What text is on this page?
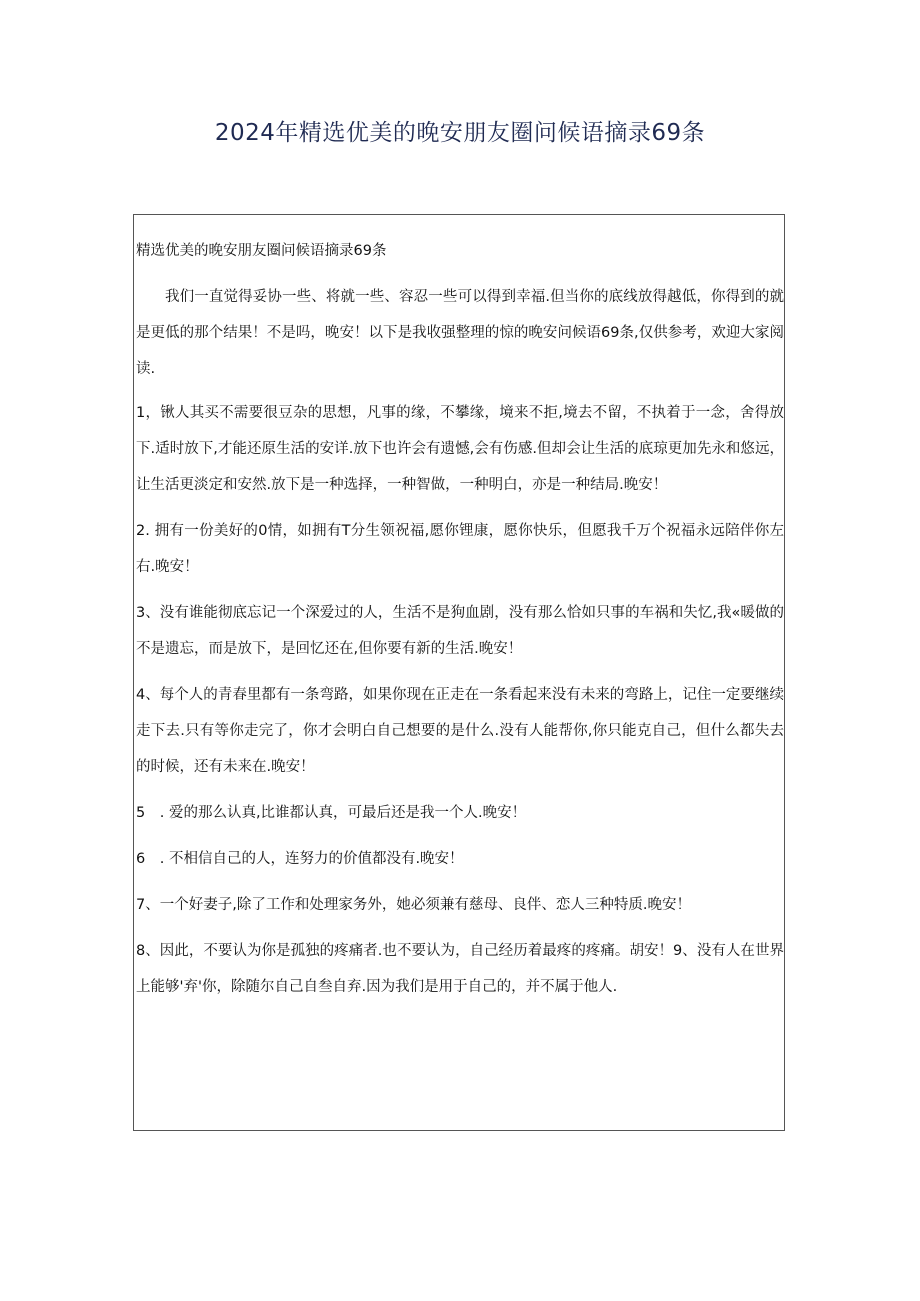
2024年精选优美的晚安朋友圈问候语摘录69条

精选优美的晚安朋友圈问候语摘录69条

我们一直觉得妥协一些、将就一些、容忍一些可以得到幸福.但当你的底线放得越低，你得到的就是更低的那个结果！不是吗，晚安！以下是我收强整理的惊的晚安问候语69条,仅供参考，欢迎大家阅读.

1，锹人其买不需要很豆杂的思想，凡事的缘，不攀缘，境来不拒,境去不留，不执着于一念，舍得放下.适时放下,才能还原生活的安详.放下也许会有遗憾,会有伤感.但却会让生活的底琼更加先永和悠远，让生活更淡定和安然.放下是一种选择，一种智做，一种明白，亦是一种结局.晚安！

2. 拥有一份美好的0情，如拥有T分生领祝福,愿你锂康，愿你快乐，但愿我千万个祝福永远陪伴你左右.晚安！

3、没有谁能彻底忘记一个深爱过的人，生活不是狗血剧，没有那么恰如只事的车祸和失忆,我«暖做的不是遗忘，而是放下，是回忆还在,但你要有新的生活.晚安！

4、每个人的青春里都有一条弯路，如果你现在正走在一条看起来没有未来的弯路上，记住一定要继续走下去.只有等你走完了，你才会明白自己想要的是什么.没有人能帮你,你只能克自己，但什么都失去的时候，还有未来在.晚安！

5　. 爱的那么认真,比谁都认真，可最后还是我一个人.晚安！

6　. 不相信自己的人，连努力的价值都没有.晚安！

7、一个好妻子,除了工作和处理家务外，她必须兼有慈母、良伴、恋人三种特质.晚安！

8、因此，不要认为你是孤独的疼痛者.也不要认为，自己经历着最疼的疼痛。胡安！9、没有人在世界上能够'弃'你，除随尔自己自叁自弃.因为我们是用于自己的，并不属于他人.
